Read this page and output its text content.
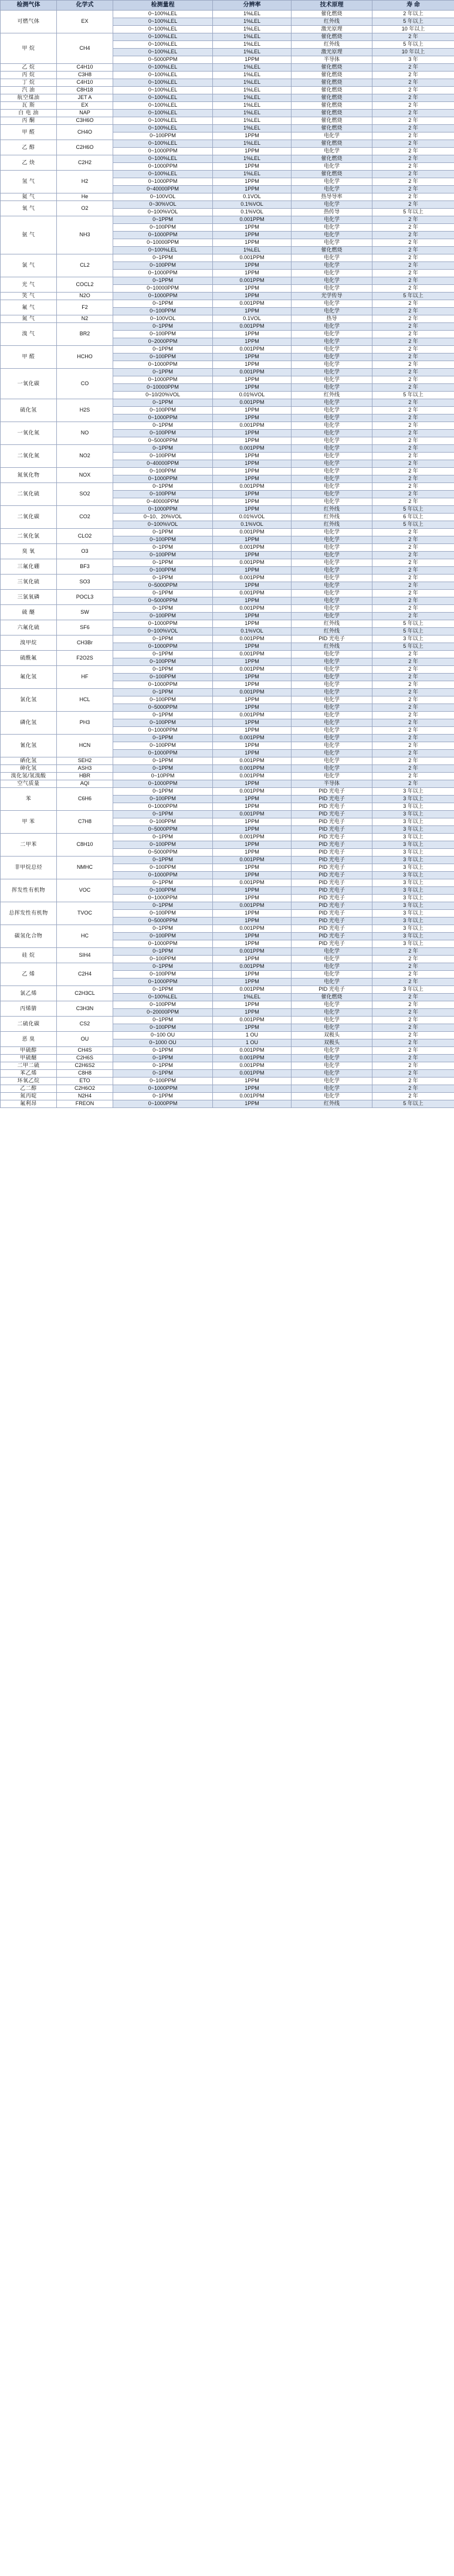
检测气体	化学式	检测量程	分辨率	技术原理	寿 命
可燃气体	EX	0~100%LEL	1%LEL	催化燃烧	2 年以上
		0~100%LEL	1%LEL	红外线	5 年以上
		0~100%LEL	1%LEL	激光原理	10 年以上
甲 烷	CH4	0~100%LEL	1%LEL	催化燃烧	2 年
		0~100%LEL	1%LEL	红外线	5 年以上
		0~100%LEL	1%LEL	激光原理	10 年以上
		0~5000PPM	1PPM	半导体	3 年
乙 烷	C4H10	0~100%LEL	1%LEL	催化燃烧	2 年
丙 烷	C3H8	0~100%LEL	1%LEL	催化燃烧	2 年
丁 烷	C4H10	0~100%LEL	1%LEL	催化燃烧	2 年
汽 油	C8H18	0~100%LEL	1%LEL	催化燃烧	2 年
航空煤油	JET A	0~100%LEL	1%LEL	催化燃烧	2 年
瓦 斯	EX	0~100%LEL	1%LEL	催化燃烧	2 年
白 电 油	NAP	0~100%LEL	1%LEL	催化燃烧	2 年
丙 酮	C3H6O	0~100%LEL	1%LEL	催化燃烧	2 年
甲 醛	CH4O	0~100%LEL	1%LEL	催化燃烧	2 年
		0~100PPM	1PPM	电化学	2 年
乙 醇	C2H6O	0~100%LEL	1%LEL	催化燃烧	2 年
		0~1000PPM	1PPM	电化学	2 年
乙 炔	C2H2	0~100%LEL	1%LEL	催化燃烧	2 年
		0~1000PPM	1PPM	电化学	2 年
氢 气	H2	0~100%LEL	1%LEL	催化燃烧	2 年
		0~1000PPM	1PPM	电化学	2 年
		0~40000PPM	1PPM	电化学	2 年
氦 气	He	0~100VOL	0.1VOL	热导导率	2 年
氧 气	O2	0~30%VOL	0.1%VOL	电化学	2 年
		0~100%VOL	0.1%VOL	热传导	5 年以上
氨 气	NH3	0~1PPM	0.001PPM	电化学	2 年
		0~100PPM	1PPM	电化学	2 年
		0~1000PPM	1PPM	电化学	2 年
		0~10000PPM	1PPM	电化学	2 年
		0~100%LEL	1%LEL	催化燃烧	2 年
氯 气	CL2	0~1PPM	0.001PPM	电化学	2 年
		0~100PPM	1PPM	电化学	2 年
		0~1000PPM	1PPM	电化学	2 年
光 气	COCL2	0~1PPM	0.001PPM	电化学	2 年
		0~10000PPM	1PPM	电化学	2 年
笑 气	N2O	0~1000PPM	1PPM	光学传导	5 年以上
氟 气	F2	0~1PPM	0.001PPM	电化学	2 年
		0~100PPM	1PPM	电化学	2 年
氮 气	N2	0~100VOL	0.1VOL	热导	2 年
溴 气	BR2	0~1PPM	0.001PPM	电化学	2 年
		0~100PPM	1PPM	电化学	2 年
		0~2000PPM	1PPM	电化学	2 年
甲 醛	HCHO	0~1PPM	0.001PPM	电化学	2 年
		0~100PPM	1PPM	电化学	2 年
		0~1000PPM	1PPM	电化学	2 年
一氧化碳	CO	0~1PPM	0.001PPM	电化学	2 年
		0~1000PPM	1PPM	电化学	2 年
		0~10000PPM	1PPM	电化学	2 年
		0~10/20%VOL	0.01%VOL	红外线	5 年以上
硫化氢	H2S	0~1PPM	0.001PPM	电化学	2 年
		0~100PPM	1PPM	电化学	2 年
		0~1000PPM	1PPM	电化学	2 年
一氧化氮	NO	0~1PPM	0.001PPM	电化学	2 年
		0~100PPM	1PPM	电化学	2 年
		0~5000PPM	1PPM	电化学	2 年
二氧化氮	NO2	0~1PPM	0.001PPM	电化学	2 年
		0~100PPM	1PPM	电化学	2 年
		0~40000PPM	1PPM	电化学	2 年
氮氧化物	NOX	0~100PPM	1PPM	电化学	2 年
		0~1000PPM	1PPM	电化学	2 年
二氧化硫	SO2	0~1PPM	0.001PPM	电化学	2 年
		0~100PPM	1PPM	电化学	2 年
		0~40000PPM	1PPM	电化学	2 年
二氧化碳	CO2	0~1000PPM	1PPM	红外线	5 年以上
		0~10、20%VOL	0.01%VOL	红外线	6 年以上
		0~100%VOL	0.1%VOL	红外线	5 年以上
二氧化氯	CLO2	0~1PPM	0.001PPM	电化学	2 年
		0~100PPM	1PPM	电化学	2 年
臭 氧	O3	0~1PPM	0.001PPM	电化学	2 年
		0~100PPM	1PPM	电化学	2 年
三氟化硼	BF3	0~1PPM	0.001PPM	电化学	2 年
		0~100PPM	1PPM	电化学	2 年
三氧化硫	SO3	0~1PPM	0.001PPM	电化学	2 年
		0~5000PPM	1PPM	电化学	2 年
三氯氧磷	POCL3	0~1PPM	0.001PPM	电化学	2 年
		0~5000PPM	1PPM	电化学	2 年
硫 醚	SW	0~1PPM	0.001PPM	电化学	2 年
		0~100PPM	1PPM	电化学	2 年
六氟化硫	SF6	0~1000PPM	1PPM	红外线	5 年以上
		0~100%VOL	0.1%VOL	红外线	5 年以上
溴甲烷	CH3Br	0~1PPM	0.001PPM	PID 光电子	3 年以上
		0~1000PPM	1PPM	红外线	5 年以上
硫酰氟	F2O2S	0~1PPM	0.001PPM	电化学	2 年
		0~100PPM	1PPM	电化学	2 年
氟化氢	HF	0~1PPM	0.001PPM	电化学	2 年
		0~100PPM	1PPM	电化学	2 年
		0~1000PPM	1PPM	电化学	2 年
氯化氢	HCL	0~1PPM	0.001PPM	电化学	2 年
		0~100PPM	1PPM	电化学	2 年
		0~5000PPM	1PPM	电化学	2 年
磷化氢	PH3	0~1PPM	0.001PPM	电化学	2 年
		0~100PPM	1PPM	电化学	2 年
		0~1000PPM	1PPM	电化学	2 年
氰化氢	HCN	0~1PPM	0.001PPM	电化学	2 年
		0~100PPM	1PPM	电化学	2 年
		0~1000PPM	1PPM	电化学	2 年
硒化氢	SEH2	0~1PPM	0.001PPM	电化学	2 年
砷化氢	ASH3	0~1PPM	0.001PPM	电化学	2 年
溴化氢/氢溴酸	HBR	0~10PPM	0.001PPM	电化学	2 年
空气质量	AQI	0~1000PPM	1PPM	半导体	2 年
苯	C6H6	0~1PPM	0.001PPM	PID 光电子	3 年以上
		0~100PPM	1PPM	PID 光电子	3 年以上
		0~1000PPM	1PPM	PID 光电子	3 年以上
甲 苯	C7H8	0~1PPM	0.001PPM	PID 光电子	3 年以上
		0~100PPM	1PPM	PID 光电子	3 年以上
		0~5000PPM	1PPM	PID 光电子	3 年以上
二甲苯	C8H10	0~1PPM	0.001PPM	PID 光电子	3 年以上
		0~100PPM	1PPM	PID 光电子	3 年以上
		0~5000PPM	1PPM	PID 光电子	3 年以上
非甲烷总烃	NMHC	0~1PPM	0.001PPM	PID 光电子	3 年以上
		0~100PPM	1PPM	PID 光电子	3 年以上
		0~1000PPM	1PPM	PID 光电子	3 年以上
挥发性有机物	VOC	0~1PPM	0.001PPM	PID 光电子	3 年以上
		0~100PPM	1PPM	PID 光电子	3 年以上
		0~1000PPM	1PPM	PID 光电子	3 年以上
总挥发性有机物	TVOC	0~1PPM	0.001PPM	PID 光电子	3 年以上
		0~100PPM	1PPM	PID 光电子	3 年以上
		0~5000PPM	1PPM	PID 光电子	3 年以上
碳氢化合物	HC	0~1PPM	0.001PPM	PID 光电子	3 年以上
		0~100PPM	1PPM	PID 光电子	3 年以上
		0~1000PPM	1PPM	PID 光电子	3 年以上
硅 烷	SIH4	0~1PPM	0.001PPM	电化学	2 年
		0~100PPM	1PPM	电化学	2 年
乙 烯	C2H4	0~1PPM	0.001PPM	电化学	2 年
		0~100PPM	1PPM	电化学	2 年
		0~1000PPM	1PPM	电化学	2 年
氯乙烯	C2H3CL	0~1PPM	0.001PPM	PID 光电子	3 年以上
		0~100%LEL	1%LEL	催化燃烧	2 年
丙烯腈	C3H3N	0~100PPM	1PPM	电化学	2 年
		0~20000PPM	1PPM	电化学	2 年
二硫化碳	CS2	0~1PPM	0.001PPM	电化学	2 年
		0~100PPM	1PPM	电化学	2 年
恶 臭	OU	0~100 OU	1 OU	双极头	2 年
		0~1000 OU	1 OU	双极头	2 年
甲硫醇	CH4S	0~1PPM	0.001PPM	电化学	2 年
甲硫醚	C2H6S	0~1PPM	0.001PPM	电化学	2 年
二甲二硫	C2H6S2	0~1PPM	0.001PPM	电化学	2 年
苯乙烯	C8H8	0~1PPM	0.001PPM	电化学	2 年
环氧乙烷	ETO	0~100PPM	1PPM	电化学	2 年
乙二醇	C2H6O2	0~1000PPM	1PPM	电化学	2 年
氮丙啶	N2H4	0~1PPM	0.001PPM	电化学	2 年
氟利昂	FREON	0~1000PPM	1PPM	红外线	5 年以上
